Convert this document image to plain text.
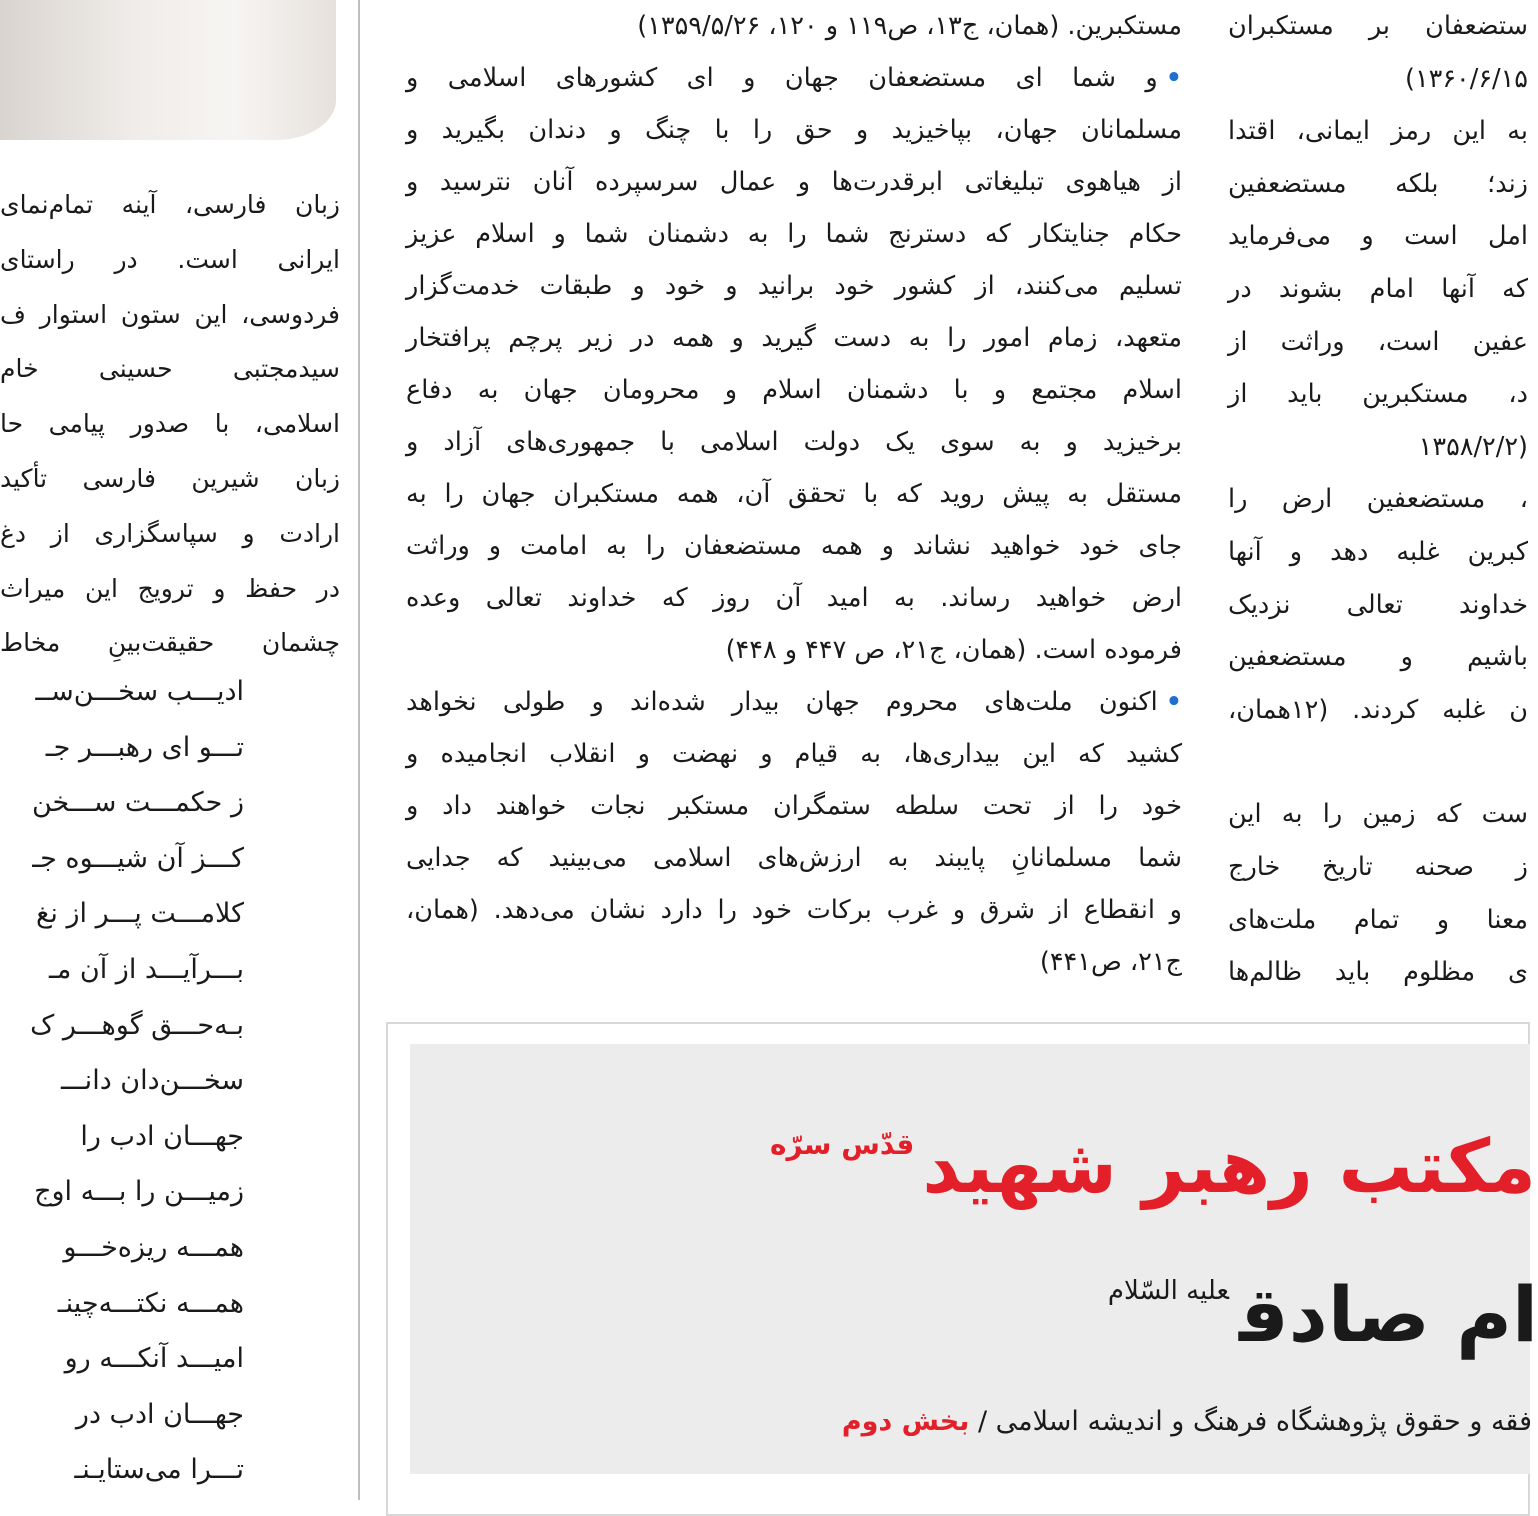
زبان فارسی، آینه تمام‌نمای
ایرانی است. در راستای
فردوسی، این ستون استوار ف
سیدمجتبی حسینی خام
اسلامی، با صدور پیامی حا
زبان شیرین فارسی تأکید
ارادت و سپاسگزاری از دغ
در حفظ و ترویج این میراث
چشمان حقیقت‌بینِ مخاط
ادیـــب سخـــن‌ســ
تـــو ای رهبـــر جـ
ز حکمـــت ســـخن
کـــز آن شیـــوه جـ
کلامـــت پـــر از نغ
بـــرآیـــد از آن مـ
بـه‌حـــق گوهـــر ک
سخـــن‌دان دانـــ
جهـــان ادب را
زمیـــن را بـــه اوج
همـــه ریزه‌خـــو
همـــه نکتـــه‌چینـ
امیـــد آنکـــه رو
جهـــان ادب در
تـــرا می‌ستایـنـ
مستکبرین. (همان، ج۱۳، ص۱۱۹ و ۱۲۰، ۱۳۵۹/۵/۲۶)
•و شما ای مستضعفان جهان و ای کشورهای اسلامی و
مسلمانان جهان، بپاخیزید و حق را با چنگ و دندان بگیرید و
از هیاهوی تبلیغاتی ابرقدرت‌ها و عمال سرسپرده آنان نترسید و
حکام جنایتکار که دسترنج شما را به دشمنان شما و اسلام عزیز
تسلیم می‌کنند، از کشور خود برانید و خود و طبقات خدمت‌گزار
متعهد، زمام امور را به دست گیرید و همه در زیر پرچم پرافتخار
اسلام مجتمع و با دشمنان اسلام و محرومان جهان به دفاع
برخیزید و به سوی یک دولت اسلامی با جمهوری‌های آزاد و
مستقل به پیش روید که با تحقق آن، همه مستکبران جهان را به
جای خود خواهید نشاند و همه مستضعفان را به امامت و وراثت
ارض خواهید رساند. به امید آن روز که خداوند تعالی وعده
فرموده است. (همان، ج۲۱، ص ۴۴۷ و ۴۴۸)
•اکنون ملت‌های محروم جهان بیدار شده‌اند و طولی نخواهد
کشید که این بیداری‌ها، به قیام و نهضت و انقلاب انجامیده و
خود را از تحت سلطه ستمگران مستکبر نجات خواهند داد و
شما مسلمانانِ پایبند به ارزش‌های اسلامی می‌بینید که جدایی
و انقطاع از شرق و غرب برکات خود را دارد نشان می‌دهد. (همان،
ج۲۱، ص۴۴۱)
ستضعفان بر مستکبران
۱۳۶۰/۶/۱۵)
به این رمز ایمانی، اقتدا
زند؛ بلکه مستضعفین
امل است و می‌فرماید
که آنها امام بشوند در
عفین است، وراثت از
د، مستکبرین باید از
(۱۳۵۸/۲/۲
، مستضعفین ارض را
کبرین غلبه دهد و آنها
خداوند تعالی نزدیک
باشیم و مستضعفین
ن غلبه کردند. (۱۲همان،
ست که زمین را به این
ز صحنه تاریخ خارج
معنا و تمام ملت‌های
ی مظلوم باید ظالم‌ها
مکتب رهبر شهید$^{قدّس سرّه}$
ام صادق$^{علیه السّلام}$
فقه و حقوق پژوهشگاه فرهنگ و اندیشه اسلامی / بخش دوم
